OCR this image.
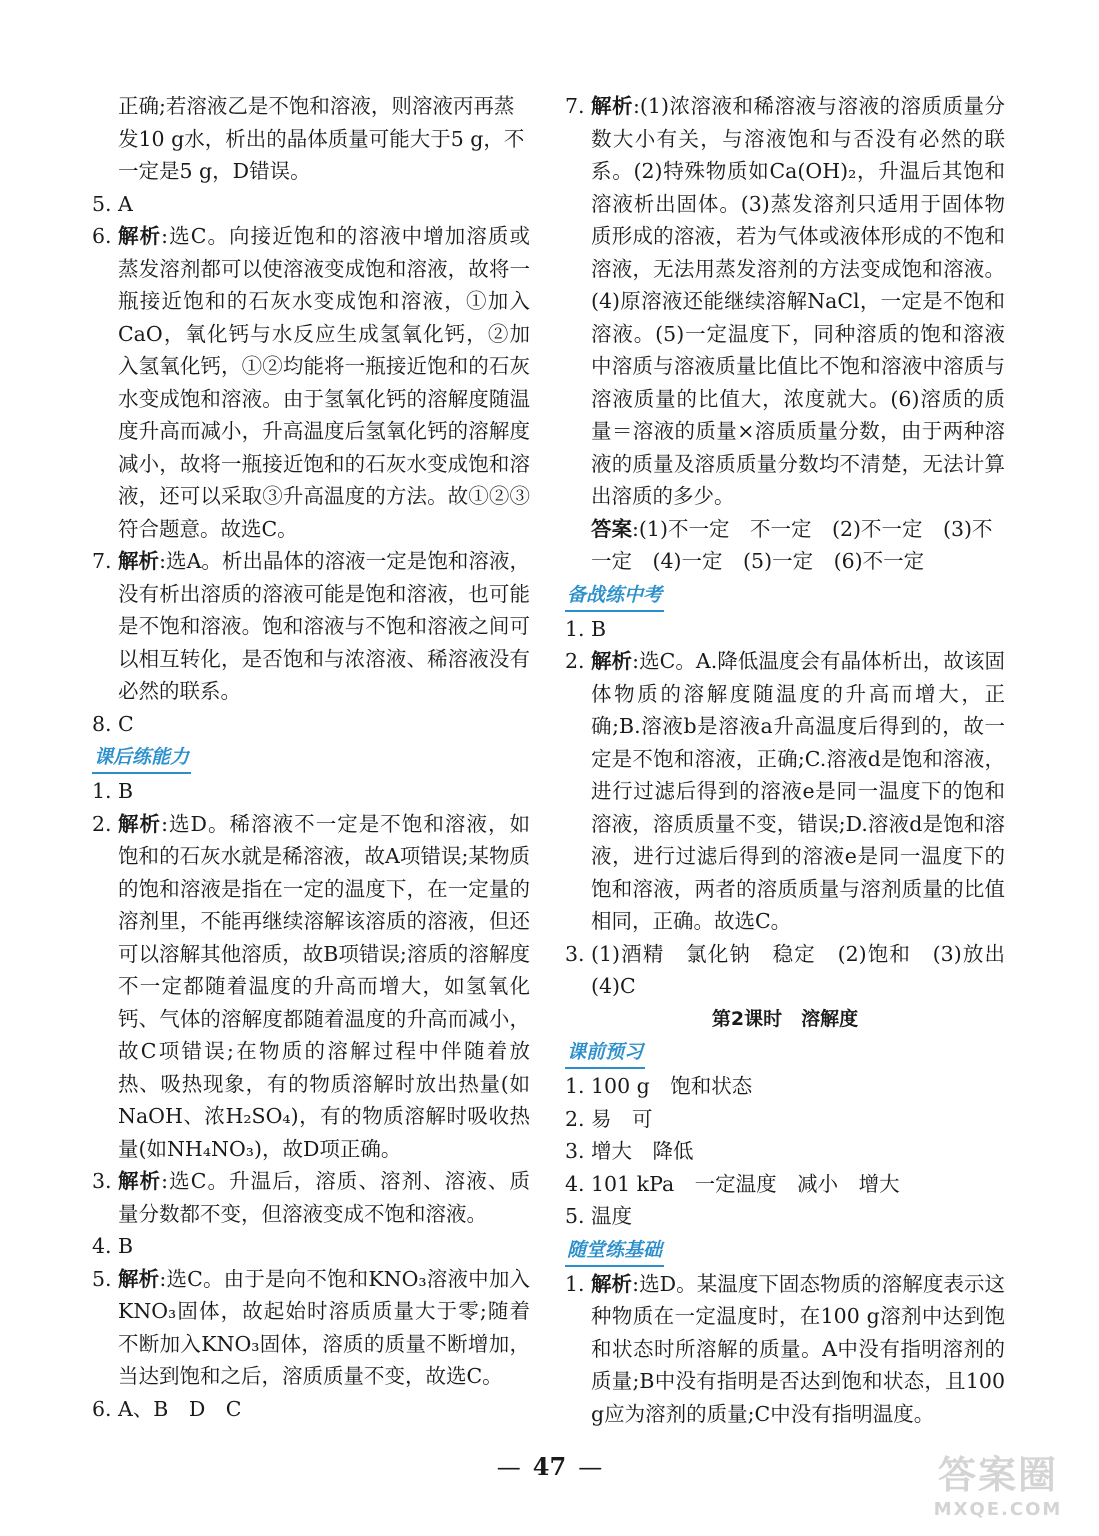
正确;若溶液乙是不饱和溶液，则溶液丙再蒸发10 g水，析出的晶体质量可能大于5 g，不一定是5 g，D错误。
5. A
6. 解析:选C。向接近饱和的溶液中增加溶质或蒸发溶剂都可以使溶液变成饱和溶液，故将一瓶接近饱和的石灰水变成饱和溶液，①加入CaO，氧化钙与水反应生成氢氧化钙，②加入氢氧化钙，①②均能将一瓶接近饱和的石灰水变成饱和溶液。由于氢氧化钙的溶解度随温度升高而减小，升高温度后氢氧化钙的溶解度减小，故将一瓶接近饱和的石灰水变成饱和溶液，还可以采取③升高温度的方法。故①②③符合题意。故选C。
7. 解析:选A。析出晶体的溶液一定是饱和溶液，没有析出溶质的溶液可能是饱和溶液，也可能是不饱和溶液。饱和溶液与不饱和溶液之间可以相互转化，是否饱和与浓溶液、稀溶液没有必然的联系。
8. C
课后练能力
1. B
2. 解析:选D。稀溶液不一定是不饱和溶液，如饱和的石灰水就是稀溶液，故A项错误;某物质的饱和溶液是指在一定的温度下，在一定量的溶剂里，不能再继续溶解该溶质的溶液，但还可以溶解其他溶质，故B项错误;溶质的溶解度不一定都随着温度的升高而增大，如氢氧化钙、气体的溶解度都随着温度的升高而减小，故C项错误;在物质的溶解过程中伴随着放热、吸热现象，有的物质溶解时放出热量(如NaOH、浓H₂SO₄)，有的物质溶解时吸收热量(如NH₄NO₃)，故D项正确。
3. 解析:选C。升温后，溶质、溶剂、溶液、质量分数都不变，但溶液变成不饱和溶液。
4. B
5. 解析:选C。由于是向不饱和KNO₃溶液中加入KNO₃固体，故起始时溶质质量大于零;随着不断加入KNO₃固体，溶质的质量不断增加，当达到饱和之后，溶质质量不变，故选C。
6. A、B　D　C
7. 解析:(1)浓溶液和稀溶液与溶液的溶质质量分数大小有关，与溶液饱和与否没有必然的联系。(2)特殊物质如Ca(OH)₂，升温后其饱和溶液析出固体。(3)蒸发溶剂只适用于固体物质形成的溶液，若为气体或液体形成的不饱和溶液，无法用蒸发溶剂的方法变成饱和溶液。(4)原溶液还能继续溶解NaCl，一定是不饱和溶液。(5)一定温度下，同种溶质的饱和溶液中溶质与溶液质量比值比不饱和溶液中溶质与溶液质量的比值大，浓度就大。(6)溶质的质量＝溶液的质量×溶质质量分数，由于两种溶液的质量及溶质质量分数均不清楚，无法计算出溶质的多少。
答案:(1)不一定　不一定　(2)不一定　(3)不一定　(4)一定　(5)一定　(6)不一定
备战练中考
1. B
2. 解析:选C。A.降低温度会有晶体析出，故该固体物质的溶解度随温度的升高而增大，正确;B.溶液b是溶液a升高温度后得到的，故一定是不饱和溶液，正确;C.溶液d是饱和溶液，进行过滤后得到的溶液e是同一温度下的饱和溶液，溶质质量不变，错误;D.溶液d是饱和溶液，进行过滤后得到的溶液e是同一温度下的饱和溶液，两者的溶质质量与溶剂质量的比值相同，正确。故选C。
3. (1)酒精　氯化钠　稳定　(2)饱和　(3)放出　(4)C
第2课时　溶解度
课前预习
1. 100 g　饱和状态
2. 易　可
3. 增大　降低
4. 101 kPa　一定温度　减小　增大
5. 温度
随堂练基础
1. 解析:选D。某温度下固态物质的溶解度表示这种物质在一定温度时，在100 g溶剂中达到饱和状态时所溶解的质量。A中没有指明溶剂的质量;B中没有指明是否达到饱和状态，且100 g应为溶剂的质量;C中没有指明温度。
— 47 —	答案圈
MXQE.COM
